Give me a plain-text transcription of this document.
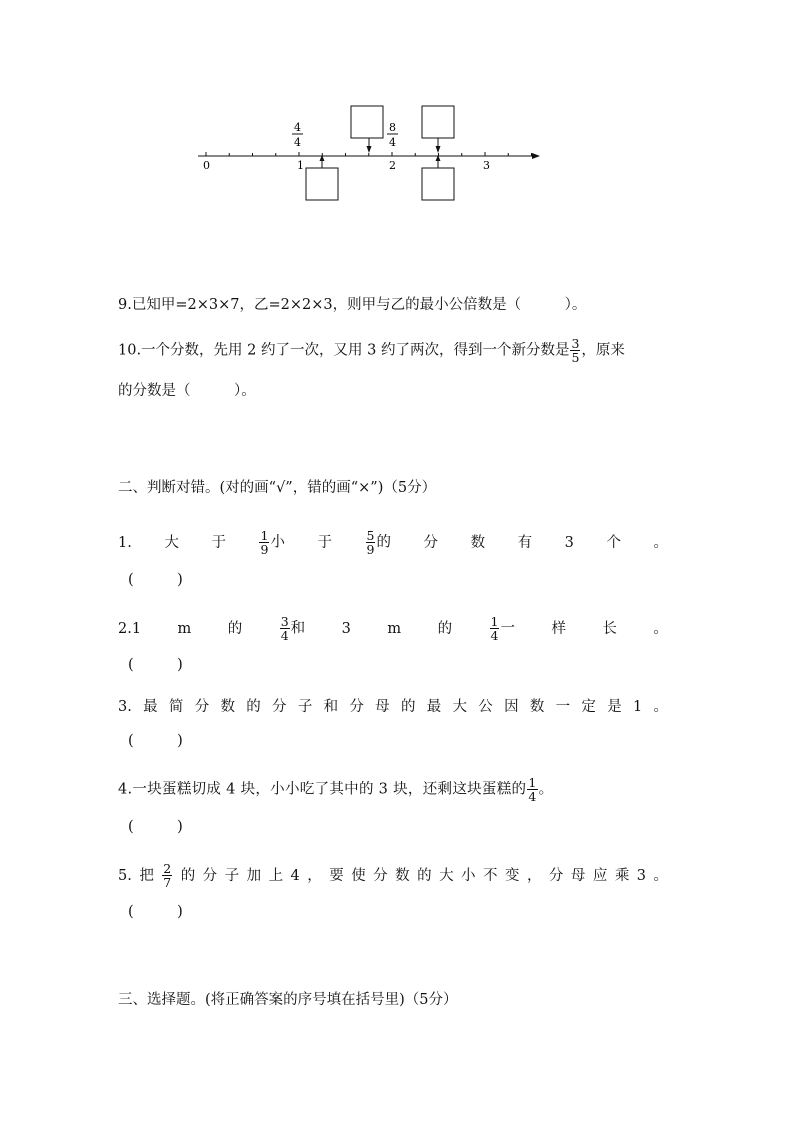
0	1	2	3
4
4
8
4
9.已知甲=2×3×7，乙=2×2×3，则甲与乙的最小公倍数是（　　　）。
10.一个分数，先用 2 约了一次，又用 3 约了两次，得到一个新分数是 $\frac{3}{5}$ ，原来
的分数是（　　　）。
二、判断对错。(对的画“√”，错的画“×”)（5分）
1. 大 于	$\frac{1}{9}$ 小 于	$\frac{5}{9}$ 的 分 数 有 3 个 。
(　　　)
2.1	m	的	$\frac{3}{4}$ 和	3	m	的	$\frac{1}{4}$ 一	样	长	。
(　　　)
3. 最 简 分 数 的 分 子 和 分 母 的 最 大 公 因 数 一 定 是 1 。
(　　　)
4.一块蛋糕切成 4 块，小小吃了其中的 3 块，还剩这块蛋糕的 $\frac{1}{4}$ 。
(　　　)
5. 把 $\frac{2}{7}$ 的 分 子 加 上 4 ， 要 使 分 数 的 大 小 不 变 ， 分 母 应 乘 3 。
(　　　)
三、选择题。(将正确答案的序号填在括号里)（5分）
